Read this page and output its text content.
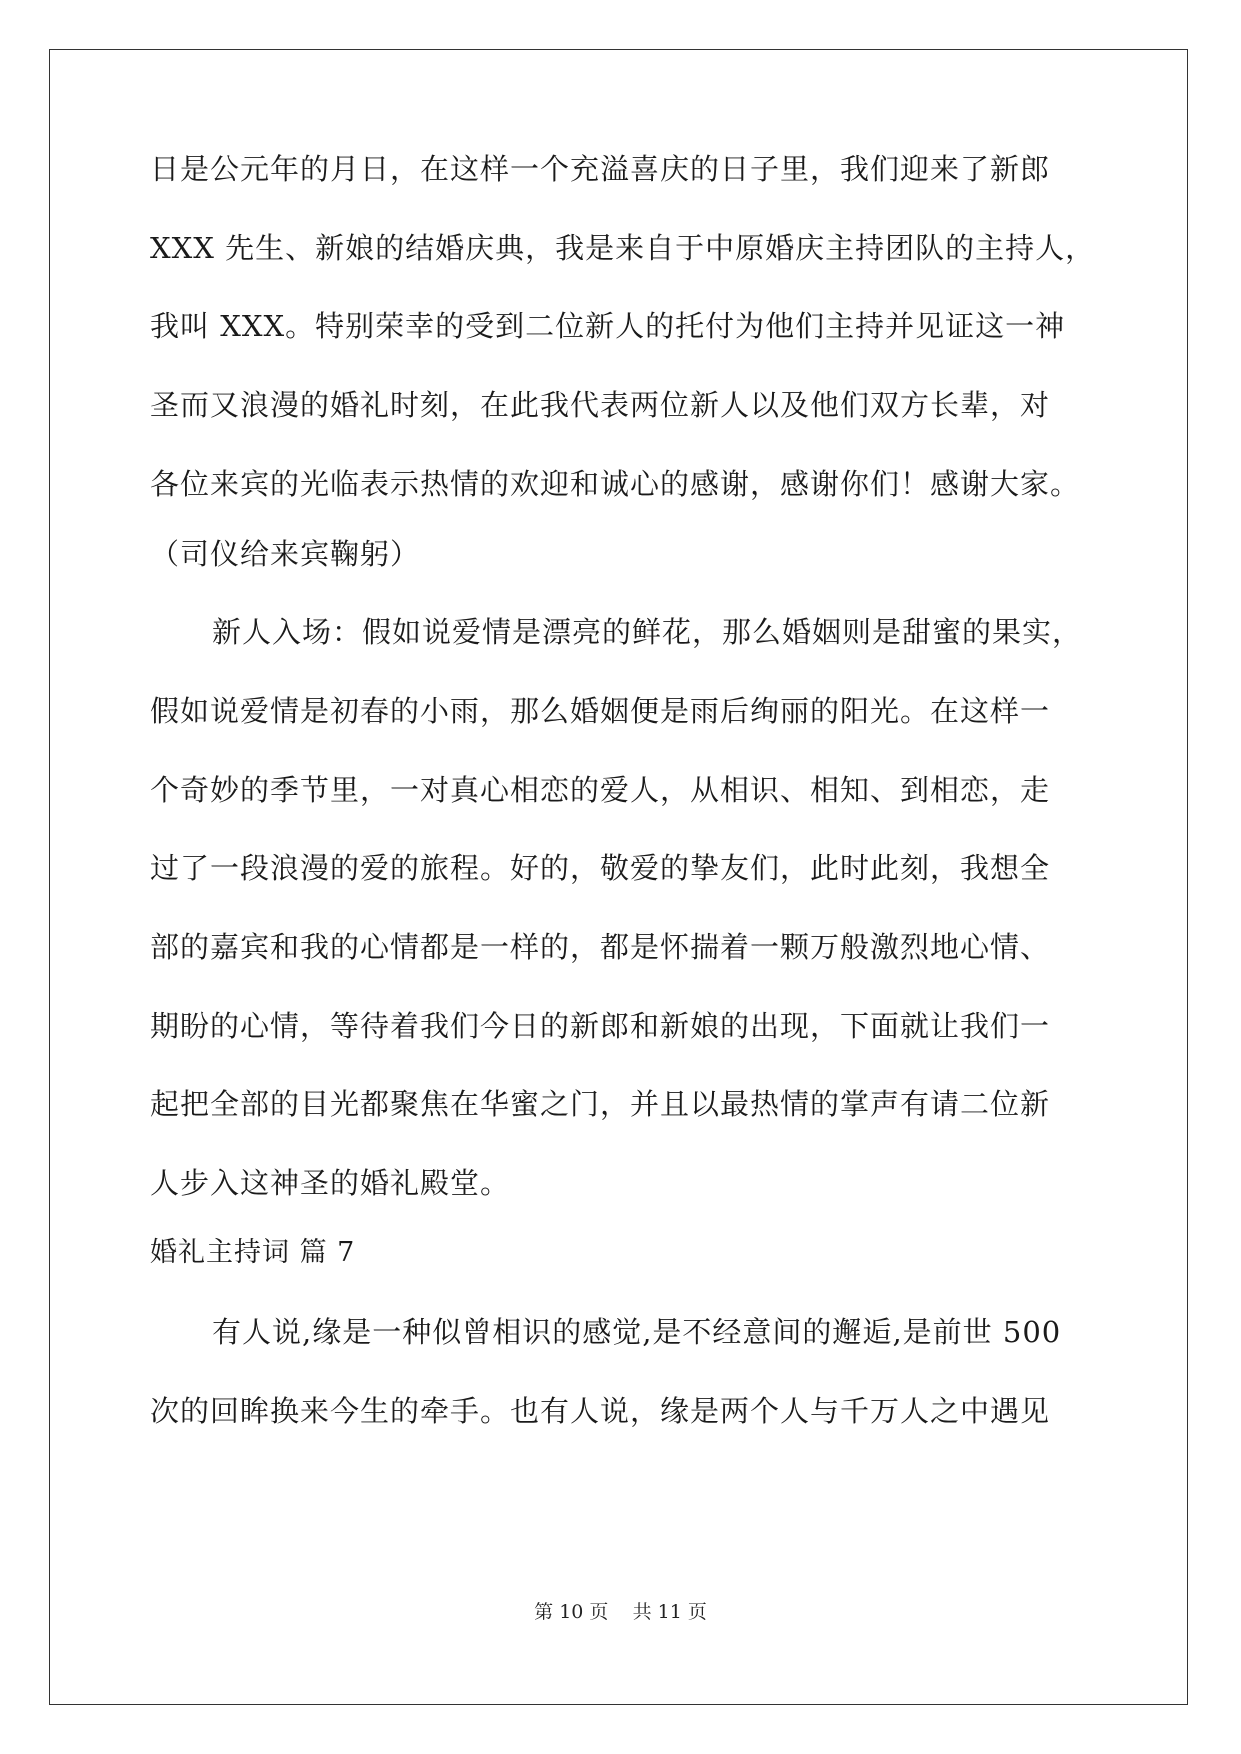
日是公元年的月日，在这样一个充溢喜庆的日子里，我们迎来了新郎
XXX 先生、新娘的结婚庆典，我是来自于中原婚庆主持团队的主持人，
我叫 XXX。特别荣幸的受到二位新人的托付为他们主持并见证这一神
圣而又浪漫的婚礼时刻，在此我代表两位新人以及他们双方长辈，对
各位来宾的光临表示热情的欢迎和诚心的感谢，感谢你们！感谢大家。
（司仪给来宾鞠躬）
新人入场：假如说爱情是漂亮的鲜花，那么婚姻则是甜蜜的果实，
假如说爱情是初春的小雨，那么婚姻便是雨后绚丽的阳光。在这样一
个奇妙的季节里，一对真心相恋的爱人，从相识、相知、到相恋，走
过了一段浪漫的爱的旅程。好的，敬爱的挚友们，此时此刻，我想全
部的嘉宾和我的心情都是一样的，都是怀揣着一颗万般激烈地心情、
期盼的心情，等待着我们今日的新郎和新娘的出现，下面就让我们一
起把全部的目光都聚焦在华蜜之门，并且以最热情的掌声有请二位新
人步入这神圣的婚礼殿堂。
婚礼主持词 篇 7
有人说,缘是一种似曾相识的感觉,是不经意间的邂逅,是前世 500
次的回眸换来今生的牵手。也有人说，缘是两个人与千万人之中遇见
第 10 页    共 11 页
